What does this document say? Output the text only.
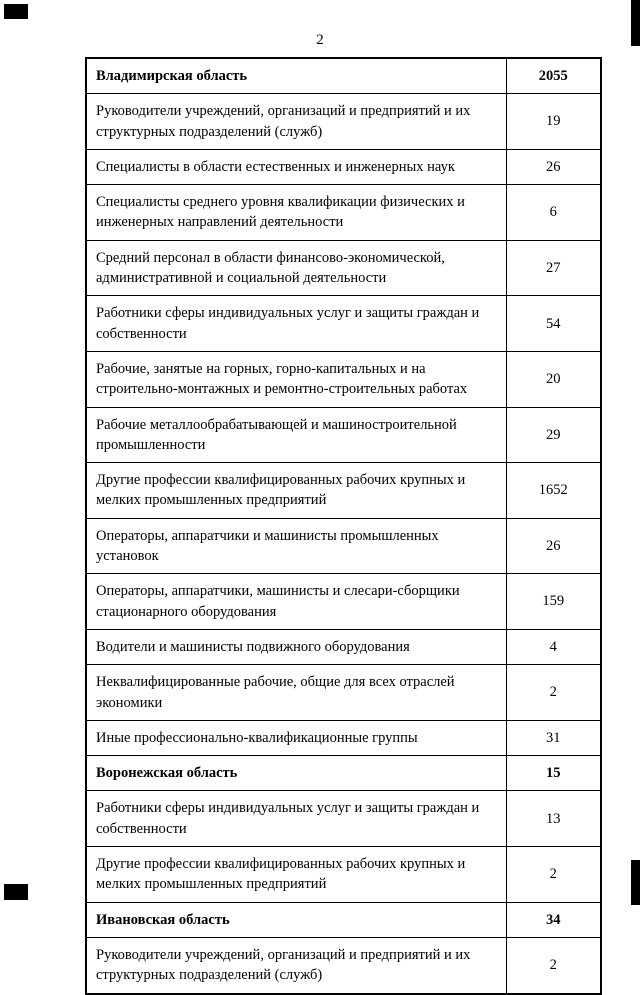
2
Владимирская область	2055
Руководители учреждений, организаций и предприятий и их структурных подразделений (служб)	19
Специалисты в области естественных и инженерных наук	26
Специалисты среднего уровня квалификации физических и инженерных направлений деятельности	6
Средний персонал в области финансово-экономической, административной и социальной деятельности	27
Работники сферы индивидуальных услуг и защиты граждан и собственности	54
Рабочие, занятые на горных, горно-капитальных и на строительно-монтажных и ремонтно-строительных работах	20
Рабочие металлообрабатывающей и машиностроительной промышленности	29
Другие профессии квалифицированных рабочих крупных и мелких промышленных предприятий	1652
Операторы, аппаратчики и машинисты промышленных установок	26
Операторы, аппаратчики, машинисты и слесари-сборщики стационарного оборудования	159
Водители и машинисты подвижного оборудования	4
Неквалифицированные рабочие, общие для всех отраслей экономики	2
Иные профессионально-квалификационные группы	31
Воронежская область	15
Работники сферы индивидуальных услуг и защиты граждан и собственности	13
Другие профессии квалифицированных рабочих крупных и мелких промышленных предприятий	2
Ивановская область	34
Руководители учреждений, организаций и предприятий и их структурных подразделений (служб)	2
